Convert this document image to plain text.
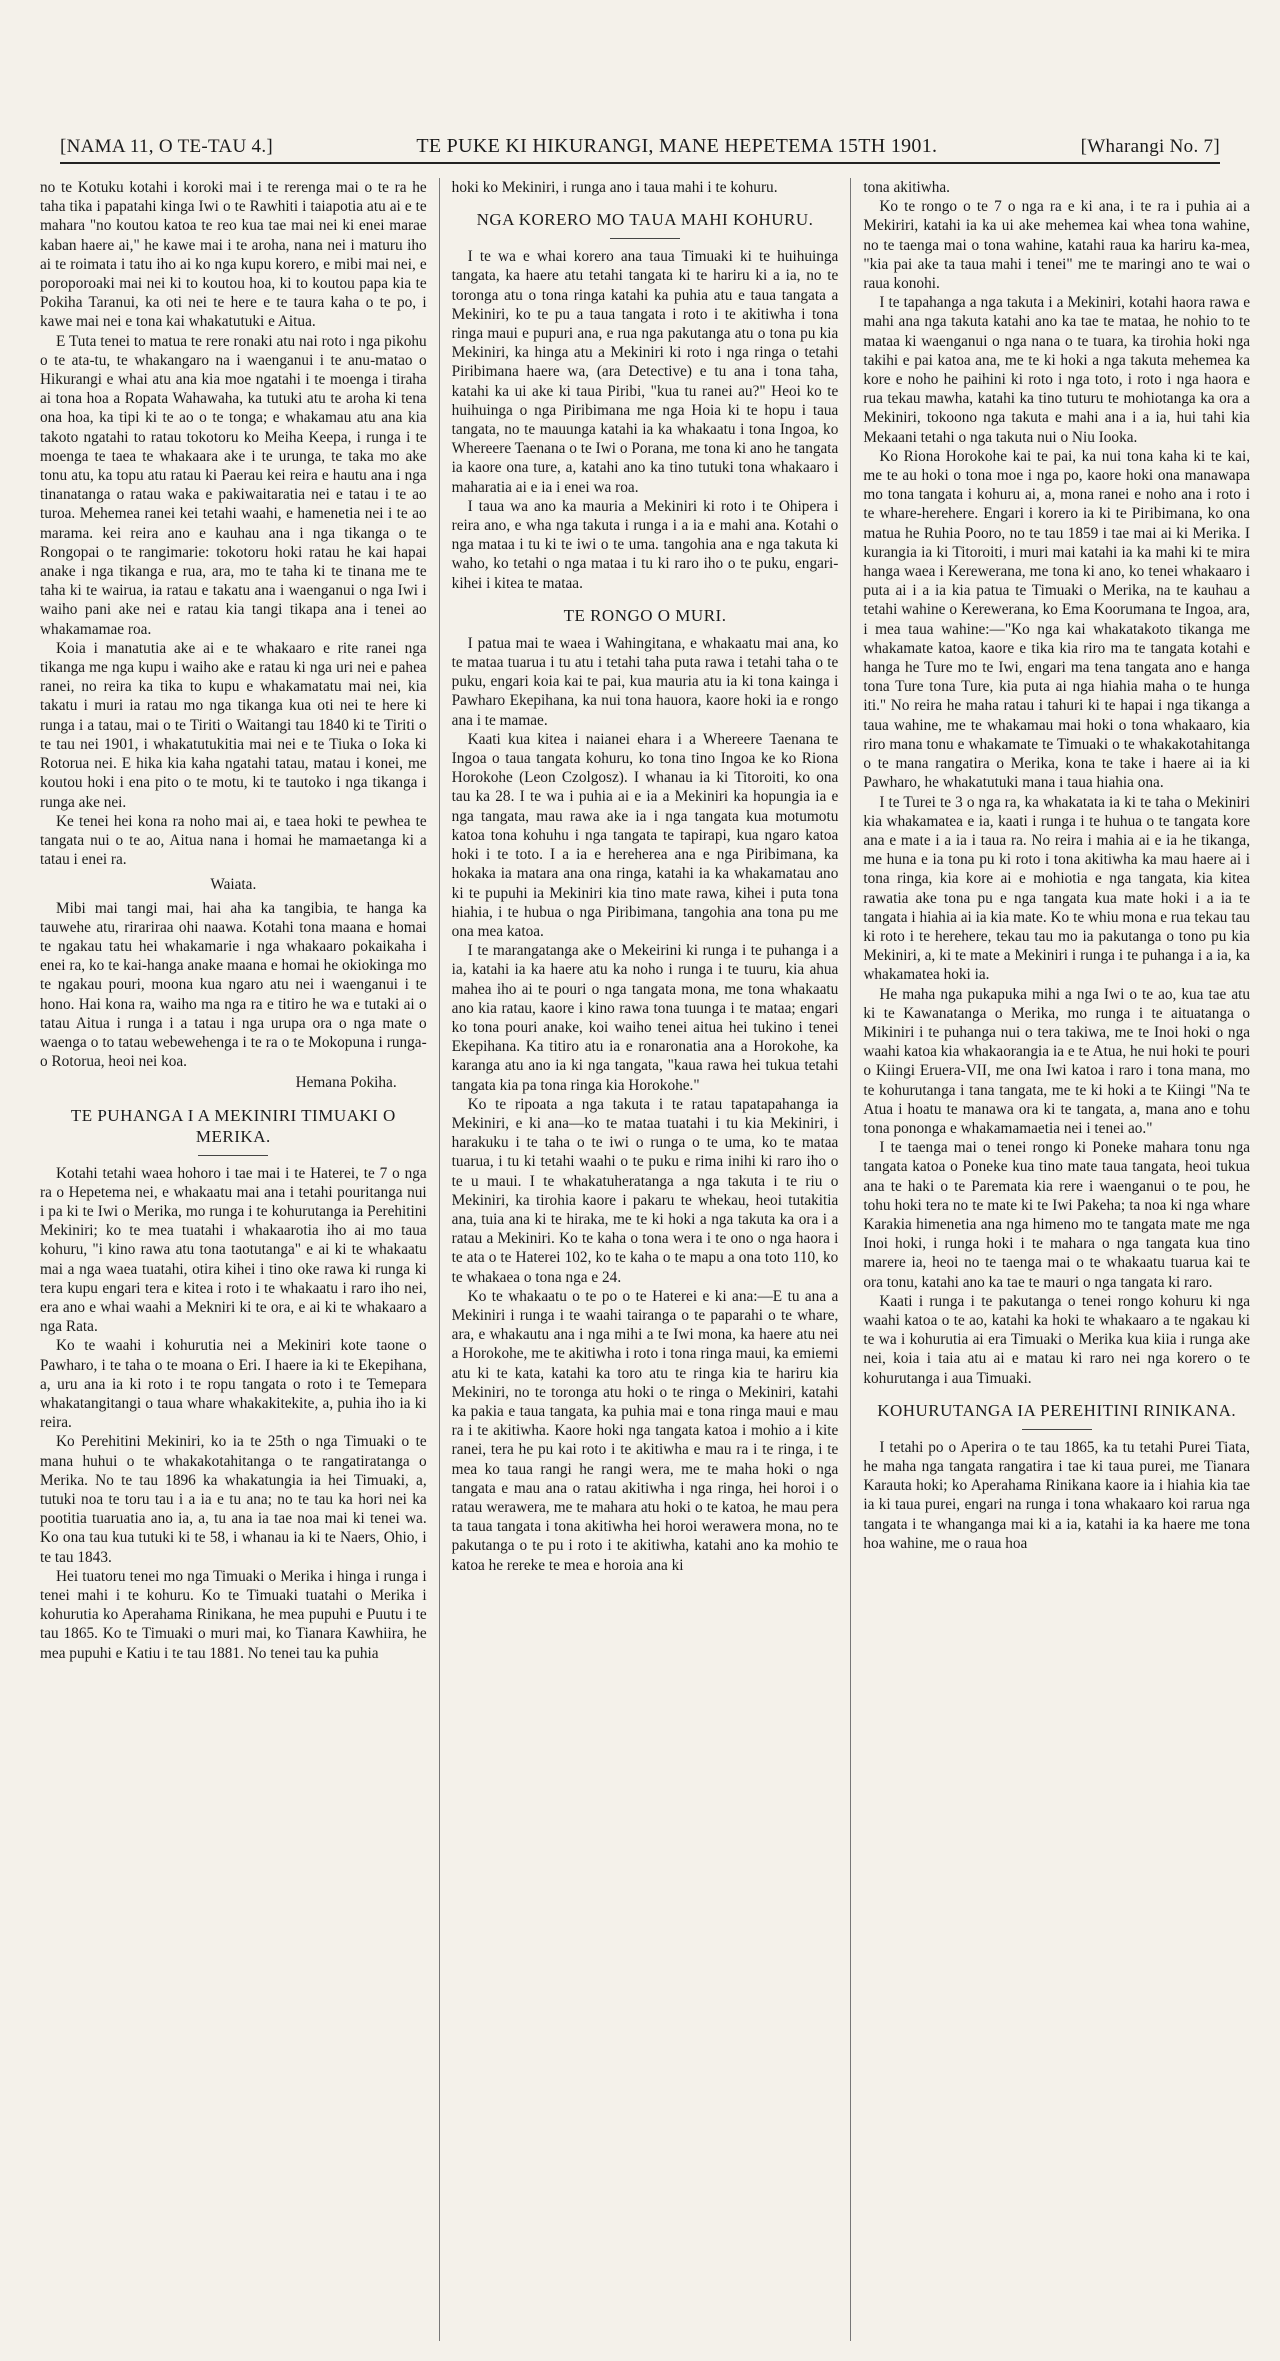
[NAMA 11, O TE-TAU 4.]	TE PUKE KI HIKURANGI, MANE HEPETEMA 15TH 1901.	[Wharangi No. 7]

no te Kotuku kotahi i koroki mai i te rerenga mai o te ra he taha tika i papatahi kinga Iwi o te Rawhiti i taiapotia atu ai e te mahara "no koutou katoa te reo kua tae mai nei ki enei marae kaban haere ai," he kawe mai i te aroha, nana nei i maturu iho ai te roimata i tatu iho ai ko nga kupu korero, e mibi mai nei, e poroporoaki mai nei ki to koutou hoa, ki to koutou papa kia te Pokiha Taranui, ka oti nei te here e te taura kaha o te po, i kawe mai nei e tona kai whakatutuki e Aitua.

E Tuta tenei to matua te rere ronaki atu nai roto i nga pikohu o te ata-tu, te whakangaro na i waenganui i te anu-matao o Hikurangi e whai atu ana kia moe ngatahi i te moenga i tiraha ai tona hoa a Ropata Wahawaha, ka tutuki atu te aroha ki tena ona hoa, ka tipi ki te ao o te tonga; e whakamau atu ana kia takoto ngatahi to ratau tokotoru ko Meiha Keepa, i runga i te moenga te taea te whakaara ake i te urunga, te taka mo ake tonu atu, ka topu atu ratau ki Paerau kei reira e hautu ana i nga tinanatanga o ratau waka e pakiwaitaratia nei e tatau i te ao turoa. Mehemea ranei kei tetahi waahi, e hamenetia nei i te ao marama. kei reira ano e kauhau ana i nga tikanga o te Rongopai o te rangimarie: tokotoru hoki ratau he kai hapai anake i nga tikanga e rua, ara, mo te taha ki te tinana me te taha ki te wairua, ia ratau e takatu ana i waenganui o nga Iwi i waiho pani ake nei e ratau kia tangi tikapa ana i tenei ao whakamamae roa.

Koia i manatutia ake ai e te whakaaro e rite ranei nga tikanga me nga kupu i waiho ake e ratau ki nga uri nei e pahea ranei, no reira ka tika to kupu e whakamatatu mai nei, kia takatu i muri ia ratau mo nga tikanga kua oti nei te here ki runga i a tatau, mai o te Tiriti o Waitangi tau 1840 ki te Tiriti o te tau nei 1901, i whakatutukitia mai nei e te Tiuka o Ioka ki Rotorua nei. E hika kia kaha ngatahi tatau, matau i konei, me koutou hoki i ena pito o te motu, ki te tautoko i nga tikanga i runga ake nei.

Ke tenei hei kona ra noho mai ai, e taea hoki te pewhea te tangata nui o te ao, Aitua nana i homai he mamaetanga ki a tatau i enei ra.

Waiata.

Mibi mai tangi mai, hai aha ka tangibia, te hanga ka tauwehe atu, rirariraa ohi naawa. Kotahi tona maana e homai te ngakau tatu hei whakamarie i nga whakaaro pokaikaha i enei ra, ko te kai-hanga anake maana e homai he okiokinga mo te ngakau pouri, moona kua ngaro atu nei i waenganui i te hono. Hai kona ra, waiho ma nga ra e titiro he wa e tutaki ai o tatau Aitua i runga i a tatau i nga urupa ora o nga mate o waenga o to tatau webewehenga i te ra o te Mokopuna i runga-o Rotorua, heoi nei koa.

Hemana Pokiha.
TE PUHANGA I A MEKINIRI TIMUAKI O MERIKA.

Kotahi tetahi waea hohoro i tae mai i te Haterei, te 7 o nga ra o Hepetema nei, e whakaatu mai ana i tetahi pouritanga nui i pa ki te Iwi o Merika, mo runga i te kohurutanga ia Perehitini Mekiniri; ko te mea tuatahi i whakaarotia iho ai mo taua kohuru, "i kino rawa atu tona taotutanga" e ai ki te whakaatu mai a nga waea tuatahi, otira kihei i tino oke rawa ki runga ki tera kupu engari tera e kitea i roto i te whakaatu i raro iho nei, era ano e whai waahi a Mekniri ki te ora, e ai ki te whakaaro a nga Rata.

Ko te waahi i kohurutia nei a Mekiniri kote taone o Pawharo, i te taha o te moana o Eri. I haere ia ki te Ekepihana, a, uru ana ia ki roto i te ropu tangata o roto i te Temepara whakatangitangi o taua whare whakakitekite, a, puhia iho ia ki reira.

Ko Perehitini Mekiniri, ko ia te 25th o nga Timuaki o te mana huhui o te whakakotahitanga o te rangatiratanga o Merika. No te tau 1896 ka whakatungia ia hei Timuaki, a, tutuki noa te toru tau i a ia e tu ana; no te tau ka hori nei ka pootitia tuaruatia ano ia, a, tu ana ia tae noa mai ki tenei wa. Ko ona tau kua tutuki ki te 58, i whanau ia ki te Naers, Ohio, i te tau 1843.

Hei tuatoru tenei mo nga Timuaki o Merika i hinga i runga i tenei mahi i te kohuru. Ko te Timuaki tuatahi o Merika i kohurutia ko Aperahama Rinikana, he mea pupuhi e Puutu i te tau 1865. Ko te Timuaki o muri mai, ko Tianara Kawhiira, he mea pupuhi e Katiu i te tau 1881. No tenei tau ka puhia

hoki ko Mekiniri, i runga ano i taua mahi i te kohuru.

NGA KORERO MO TAUA MAHI KOHURU.

I te wa e whai korero ana taua Timuaki ki te huihuinga tangata, ka haere atu tetahi tangata ki te hariru ki a ia, no te toronga atu o tona ringa katahi ka puhia atu e taua tangata a Mekiniri, ko te pu a taua tangata i roto i te akitiwha i tona ringa maui e pupuri ana, e rua nga pakutanga atu o tona pu kia Mekiniri, ka hinga atu a Mekiniri ki roto i nga ringa o tetahi Piribimana haere wa, (ara Detective) e tu ana i tona taha, katahi ka ui ake ki taua Piribi, "kua tu ranei au?" Heoi ko te huihuinga o nga Piribimana me nga Hoia ki te hopu i taua tangata, no te mauunga katahi ia ka whakaatu i tona Ingoa, ko Whereere Taenana o te Iwi o Porana, me tona ki ano he tangata ia kaore ona ture, a, katahi ano ka tino tutuki tona whakaaro i maharatia ai e ia i enei wa roa.

I taua wa ano ka mauria a Mekiniri ki roto i te Ohipera i reira ano, e wha nga takuta i runga i a ia e mahi ana. Kotahi o nga mataa i tu ki te iwi o te uma. tangohia ana e nga takuta ki waho, ko tetahi o nga mataa i tu ki raro iho o te puku, engari-kihei i kitea te mataa.

TE RONGO O MURI.

I patua mai te waea i Wahingitana, e whakaatu mai ana, ko te mataa tuarua i tu atu i tetahi taha puta rawa i tetahi taha o te puku, engari koia kai te pai, kua mauria atu ia ki tona kainga i Pawharo Ekepihana, ka nui tona hauora, kaore hoki ia e rongo ana i te mamae.

Kaati kua kitea i naianei ehara i a Whereere Taenana te Ingoa o taua tangata kohuru, ko tona tino Ingoa ke ko Riona Horokohe (Leon Czolgosz). I whanau ia ki Titoroiti, ko ona tau ka 28. I te wa i puhia ai e ia a Mekiniri ka hopungia ia e nga tangata, mau rawa ake ia i nga tangata kua motumotu katoa tona kohuhu i nga tangata te tapirapi, kua ngaro katoa hoki i te toto. I a ia e hereherea ana e nga Piribimana, ka hokaka ia matara ana ona ringa, katahi ia ka whakamatau ano ki te pupuhi ia Mekiniri kia tino mate rawa, kihei i puta tona hiahia, i te hubua o nga Piribimana, tangohia ana tona pu me ona mea katoa.

I te marangatanga ake o Mekeirini ki runga i te puhanga i a ia, katahi ia ka haere atu ka noho i runga i te tuuru, kia ahua mahea iho ai te pouri o nga tangata mona, me tona whakaatu ano kia ratau, kaore i kino rawa tona tuunga i te mataa; engari ko tona pouri anake, koi waiho tenei aitua hei tukino i tenei Ekepihana. Ka titiro atu ia e ronaronatia ana a Horokohe, ka karanga atu ano ia ki nga tangata, "kaua rawa hei tukua tetahi tangata kia pa tona ringa kia Horokohe."

Ko te ripoata a nga takuta i te ratau tapatapahanga ia Mekiniri, e ki ana—ko te mataa tuatahi i tu kia Mekiniri, i harakuku i te taha o te iwi o runga o te uma, ko te mataa tuarua, i tu ki tetahi waahi o te puku e rima inihi ki raro iho o te u maui. I te whakatuheratanga a nga takuta i te riu o Mekiniri, ka tirohia kaore i pakaru te whekau, heoi tutakitia ana, tuia ana ki te hiraka, me te ki hoki a nga takuta ka ora i a ratau a Mekiniri. Ko te kaha o tona wera i te ono o nga haora i te ata o te Haterei 102, ko te kaha o te mapu a ona toto 110, ko te whakaea o tona nga e 24.

Ko te whakaatu o te po o te Haterei e ki ana:—E tu ana a Mekiniri i runga i te waahi tairanga o te paparahi o te whare, ara, e whakautu ana i nga mihi a te Iwi mona, ka haere atu nei a Horokohe, me te akitiwha i roto i tona ringa maui, ka emiemi atu ki te kata, katahi ka toro atu te ringa kia te hariru kia Mekiniri, no te toronga atu hoki o te ringa o Mekiniri, katahi ka pakia e taua tangata, ka puhia mai e tona ringa maui e mau ra i te akitiwha. Kaore hoki nga tangata katoa i mohio a i kite ranei, tera he pu kai roto i te akitiwha e mau ra i te ringa, i te mea ko taua rangi he rangi wera, me te maha hoki o nga tangata e mau ana o ratau akitiwha i nga ringa, hei horoi i o ratau werawera, me te mahara atu hoki o te katoa, he mau pera ta taua tangata i tona akitiwha hei horoi werawera mona, no te pakutanga o te pu i roto i te akitiwha, katahi ano ka mohio te katoa he rereke te mea e horoia ana ki

tona akitiwha.

Ko te rongo o te 7 o nga ra e ki ana, i te ra i puhia ai a Mekiriri, katahi ia ka ui ake mehemea kai whea tona wahine, no te taenga mai o tona wahine, katahi raua ka hariru ka-mea, "kia pai ake ta taua mahi i tenei" me te maringi ano te wai o raua konohi.

I te tapahanga a nga takuta i a Mekiniri, kotahi haora rawa e mahi ana nga takuta katahi ano ka tae te mataa, he nohio to te mataa ki waenganui o nga nana o te tuara, ka tirohia hoki nga takihi e pai katoa ana, me te ki hoki a nga takuta mehemea ka kore e noho he paihini ki roto i nga toto, i roto i nga haora e rua tekau mawha, katahi ka tino tuturu te mohiotanga ka ora a Mekiniri, tokoono nga takuta e mahi ana i a ia, hui tahi kia Mekaani tetahi o nga takuta nui o Niu Iooka.

Ko Riona Horokohe kai te pai, ka nui tona kaha ki te kai, me te au hoki o tona moe i nga po, kaore hoki ona manawapa mo tona tangata i kohuru ai, a, mona ranei e noho ana i roto i te whare-herehere. Engari i korero ia ki te Piribimana, ko ona matua he Ruhia Pooro, no te tau 1859 i tae mai ai ki Merika. I kurangia ia ki Titoroiti, i muri mai katahi ia ka mahi ki te mira hanga waea i Kerewerana, me tona ki ano, ko tenei whakaaro i puta ai i a ia kia patua te Timuaki o Merika, na te kauhau a tetahi wahine o Kerewerana, ko Ema Koorumana te Ingoa, ara, i mea taua wahine:—"Ko nga kai whakatakoto tikanga me whakamate katoa, kaore e tika kia riro ma te tangata kotahi e hanga he Ture mo te Iwi, engari ma tena tangata ano e hanga tona Ture tona Ture, kia puta ai nga hiahia maha o te hunga iti." No reira he maha ratau i tahuri ki te hapai i nga tikanga a taua wahine, me te whakamau mai hoki o tona whakaaro, kia riro mana tonu e whakamate te Timuaki o te whakakotahitanga o te mana rangatira o Merika, kona te take i haere ai ia ki Pawharo, he whakatutuki mana i taua hiahia ona.

I te Turei te 3 o nga ra, ka whakatata ia ki te taha o Mekiniri kia whakamatea e ia, kaati i runga i te huhua o te tangata kore ana e mate i a ia i taua ra. No reira i mahia ai e ia he tikanga, me huna e ia tona pu ki roto i tona akitiwha ka mau haere ai i tona ringa, kia kore ai e mohiotia e nga tangata, kia kitea rawatia ake tona pu e nga tangata kua mate hoki i a ia te tangata i hiahia ai ia kia mate. Ko te whiu mona e rua tekau tau ki roto i te herehere, tekau tau mo ia pakutanga o tono pu kia Mekiniri, a, ki te mate a Mekiniri i runga i te puhanga i a ia, ka whakamatea hoki ia.

He maha nga pukapuka mihi a nga Iwi o te ao, kua tae atu ki te Kawanatanga o Merika, mo runga i te aituatanga o Mikiniri i te puhanga nui o tera takiwa, me te Inoi hoki o nga waahi katoa kia whakaorangia ia e te Atua, he nui hoki te pouri o Kiingi Eruera-VII, me ona Iwi katoa i raro i tona mana, mo te kohurutanga i tana tangata, me te ki hoki a te Kiingi "Na te Atua i hoatu te manawa ora ki te tangata, a, mana ano e tohu tona pononga e whakamamaetia nei i tenei ao."

I te taenga mai o tenei rongo ki Poneke mahara tonu nga tangata katoa o Poneke kua tino mate taua tangata, heoi tukua ana te haki o te Paremata kia rere i waenganui o te pou, he tohu hoki tera no te mate ki te Iwi Pakeha; ta noa ki nga whare Karakia himenetia ana nga himeno mo te tangata mate me nga Inoi hoki, i runga hoki i te mahara o nga tangata kua tino marere ia, heoi no te taenga mai o te whakaatu tuarua kai te ora tonu, katahi ano ka tae te mauri o nga tangata ki raro.

Kaati i runga i te pakutanga o tenei rongo kohuru ki nga waahi katoa o te ao, katahi ka hoki te whakaaro a te ngakau ki te wa i kohurutia ai era Timuaki o Merika kua kiia i runga ake nei, koia i taia atu ai e matau ki raro nei nga korero o te kohurutanga i aua Timuaki.

KOHURUTANGA IA PEREHITINI RINIKANA.

I tetahi po o Aperira o te tau 1865, ka tu tetahi Purei Tiata, he maha nga tangata rangatira i tae ki taua purei, me Tianara Karauta hoki; ko Aperahama Rinikana kaore ia i hiahia kia tae ia ki taua purei, engari na runga i tona whakaaro koi rarua nga tangata i te whanganga mai ki a ia, katahi ia ka haere me tona hoa wahine, me o raua hoa
